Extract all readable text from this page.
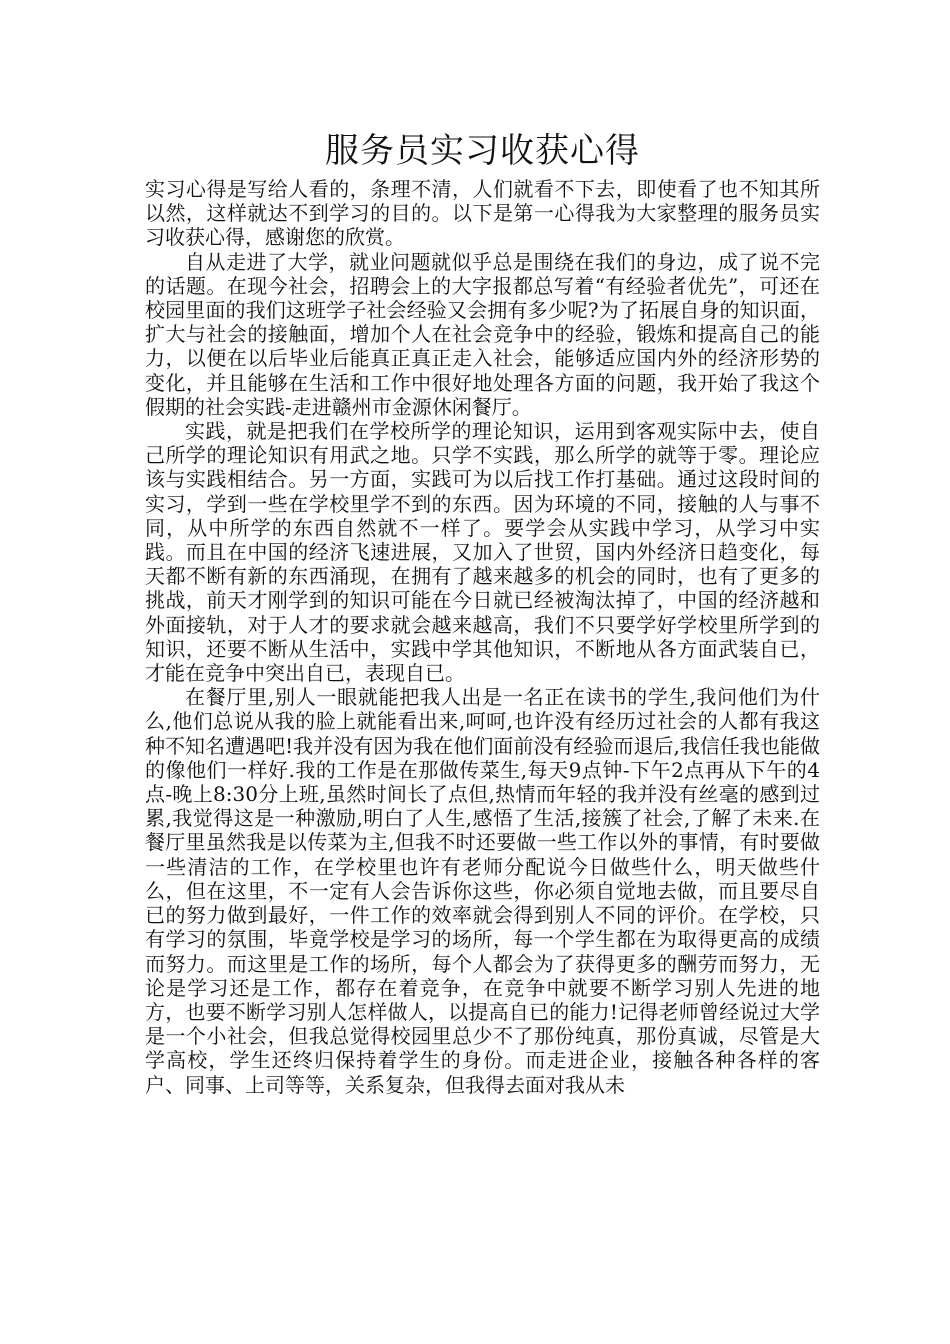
服务员实习收获心得

实习心得是写给人看的，条理不清，人们就看不下去，即使看了也不知其所以然，这样就达不到学习的目的。以下是第一心得我为大家整理的服务员实习收获心得，感谢您的欣赏。

自从走进了大学，就业问题就似乎总是围绕在我们的身边，成了说不完的话题。在现今社会，招聘会上的大字报都总写着“有经验者优先”，可还在校园里面的我们这班学子社会经验又会拥有多少呢?为了拓展自身的知识面，扩大与社会的接触面，增加个人在社会竞争中的经验，锻炼和提高自己的能力，以便在以后毕业后能真正真正走入社会，能够适应国内外的经济形势的变化，并且能够在生活和工作中很好地处理各方面的问题，我开始了我这个假期的社会实践-走进赣州市金源休闲餐厅。

实践，就是把我们在学校所学的理论知识，运用到客观实际中去，使自己所学的理论知识有用武之地。只学不实践，那么所学的就等于零。理论应该与实践相结合。另一方面，实践可为以后找工作打基础。通过这段时间的实习，学到一些在学校里学不到的东西。因为环境的不同，接触的人与事不同，从中所学的东西自然就不一样了。要学会从实践中学习，从学习中实践。而且在中国的经济飞速进展，又加入了世贸，国内外经济日趋变化，每天都不断有新的东西涌现，在拥有了越来越多的机会的同时，也有了更多的挑战，前天才刚学到的知识可能在今日就已经被淘汰掉了，中国的经济越和外面接轨，对于人才的要求就会越来越高，我们不只要学好学校里所学到的知识，还要不断从生活中，实践中学其他知识，不断地从各方面武装自已，才能在竞争中突出自已，表现自已。

在餐厅里,别人一眼就能把我人出是一名正在读书的学生,我问他们为什么,他们总说从我的脸上就能看出来,呵呵,也许没有经历过社会的人都有我这种不知名遭遇吧!我并没有因为我在他们面前没有经验而退后,我信任我也能做的像他们一样好.我的工作是在那做传菜生,每天9点钟-下午2点再从下午的4点-晚上8:30分上班,虽然时间长了点但,热情而年轻的我并没有丝毫的感到过累,我觉得这是一种激励,明白了人生,感悟了生活,接簇了社会,了解了未来.在餐厅里虽然我是以传菜为主,但我不时还要做一些工作以外的事情，有时要做一些清洁的工作，在学校里也许有老师分配说今日做些什么，明天做些什么，但在这里，不一定有人会告诉你这些，你必须自觉地去做，而且要尽自已的努力做到最好，一件工作的效率就会得到别人不同的评价。在学校，只有学习的氛围，毕竟学校是学习的场所，每一个学生都在为取得更高的成绩而努力。而这里是工作的场所，每个人都会为了获得更多的酬劳而努力，无论是学习还是工作，都存在着竞争，在竞争中就要不断学习别人先进的地方，也要不断学习别人怎样做人，以提高自已的能力!记得老师曾经说过大学是一个小社会，但我总觉得校园里总少不了那份纯真，那份真诚，尽管是大学高校，学生还终归保持着学生的身份。而走进企业，接触各种各样的客户、同事、上司等等，关系复杂，但我得去面对我从未
